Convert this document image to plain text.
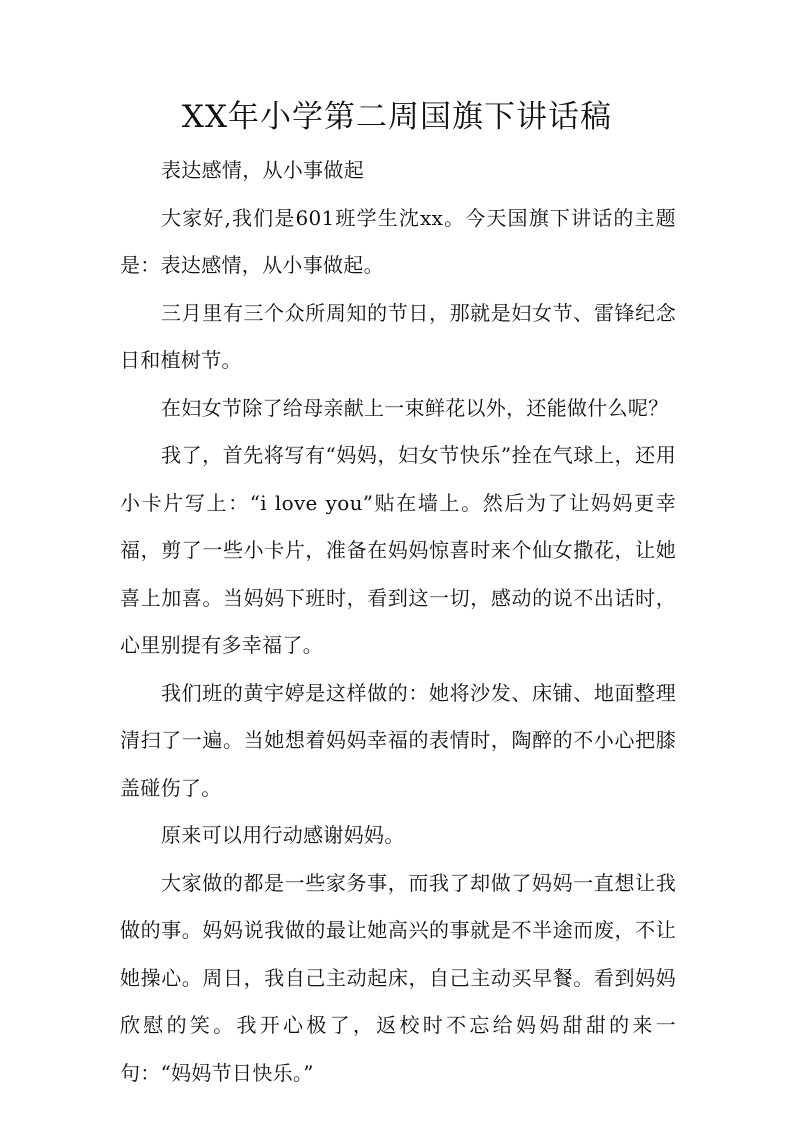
XX年小学第二周国旗下讲话稿

表达感情，从小事做起

大家好,我们是601班学生沈xx。今天国旗下讲话的主题是：表达感情，从小事做起。

三月里有三个众所周知的节日，那就是妇女节、雷锋纪念日和植树节。

在妇女节除了给母亲献上一束鲜花以外，还能做什么呢？

我了，首先将写有“妈妈，妇女节快乐”拴在气球上，还用小卡片写上：“i love you”贴在墙上。然后为了让妈妈更幸福，剪了一些小卡片，准备在妈妈惊喜时来个仙女撒花，让她喜上加喜。当妈妈下班时，看到这一切，感动的说不出话时，心里别提有多幸福了。

我们班的黄宇婷是这样做的：她将沙发、床铺、地面整理清扫了一遍。当她想着妈妈幸福的表情时，陶醉的不小心把膝盖碰伤了。

原来可以用行动感谢妈妈。

大家做的都是一些家务事，而我了却做了妈妈一直想让我做的事。妈妈说我做的最让她高兴的事就是不半途而废，不让她操心。周日，我自己主动起床，自己主动买早餐。看到妈妈欣慰的笑。我开心极了，返校时不忘给妈妈甜甜的来一句：“妈妈节日快乐。”
